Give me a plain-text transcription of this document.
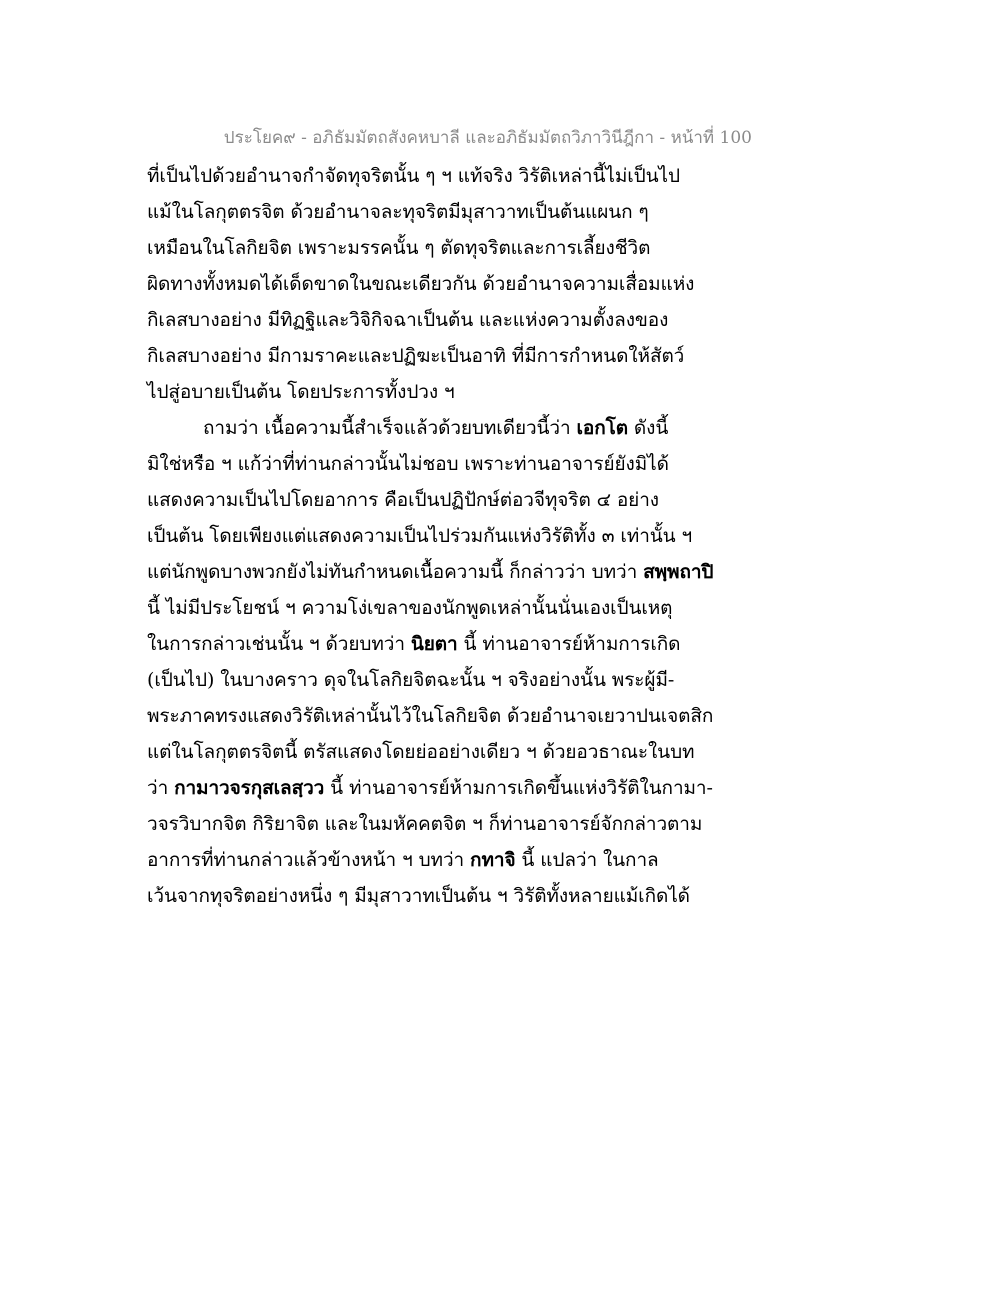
ประโยค๙ - อภิธัมมัตถสังคหบาลี และอภิธัมมัตถวิภาวินีฎีกา - หน้าที่ 100
ที่เป็นไปด้วยอำนาจกำจัดทุจริตนั้น ๆ ฯ แท้จริง วิรัติเหล่านี้ไม่เป็นไป
แม้ในโลกุตตรจิต ด้วยอำนาจละทุจริตมีมุสาวาทเป็นต้นแผนก ๆ
เหมือนในโลกิยจิต เพราะมรรคนั้น ๆ ตัดทุจริตและการเลี้ยงชีวิต
ผิดทางทั้งหมดได้เด็ดขาดในขณะเดียวกัน ด้วยอำนาจความเสื่อมแห่ง
กิเลสบางอย่าง มีทิฏฐิและวิจิกิจฉาเป็นต้น และแห่งความตั้งลงของ
กิเลสบางอย่าง มีกามราคะและปฏิฆะเป็นอาทิ ที่มีการกำหนดให้สัตว์
ไปสู่อบายเป็นต้น โดยประการทั้งปวง ฯ
ถามว่า เนื้อความนี้สำเร็จแล้วด้วยบทเดียวนี้ว่า เอกโต ดังนี้
มิใช่หรือ ฯ แก้ว่าที่ท่านกล่าวนั้นไม่ชอบ เพราะท่านอาจารย์ยังมิได้
แสดงความเป็นไปโดยอาการ คือเป็นปฏิปักษ์ต่อวจีทุจริต ๔ อย่าง
เป็นต้น โดยเพียงแต่แสดงความเป็นไปร่วมกันแห่งวิรัติทั้ง ๓ เท่านั้น ฯ
แต่นักพูดบางพวกยังไม่ทันกำหนดเนื้อความนี้ ก็กล่าวว่า บทว่า สพฺพถาปิ
นี้ ไม่มีประโยชน์ ฯ ความโง่เขลาของนักพูดเหล่านั้นนั่นเองเป็นเหตุ
ในการกล่าวเช่นนั้น ฯ ด้วยบทว่า นิยตา นี้ ท่านอาจารย์ห้ามการเกิด
(เป็นไป) ในบางคราว ดุจในโลกิยจิตฉะนั้น ฯ จริงอย่างนั้น พระผู้มี-
พระภาคทรงแสดงวิรัติเหล่านั้นไว้ในโลกิยจิต ด้วยอำนาจเยวาปนเจตสิก
แต่ในโลกุตตรจิตนี้ ตรัสแสดงโดยย่ออย่างเดียว ฯ ด้วยอวธาณะในบท
ว่า กามาวจรกุสเลสฺวว นี้ ท่านอาจารย์ห้ามการเกิดขึ้นแห่งวิรัติในกามา-
วจรวิบากจิต กิริยาจิต และในมหัคคตจิต ฯ ก็ท่านอาจารย์จักกล่าวตาม
อาการที่ท่านกล่าวแล้วข้างหน้า ฯ บทว่า กทาจิ นี้ แปลว่า ในกาล
เว้นจากทุจริตอย่างหนึ่ง ๆ มีมุสาวาทเป็นต้น ฯ วิรัติทั้งหลายแม้เกิดได้
